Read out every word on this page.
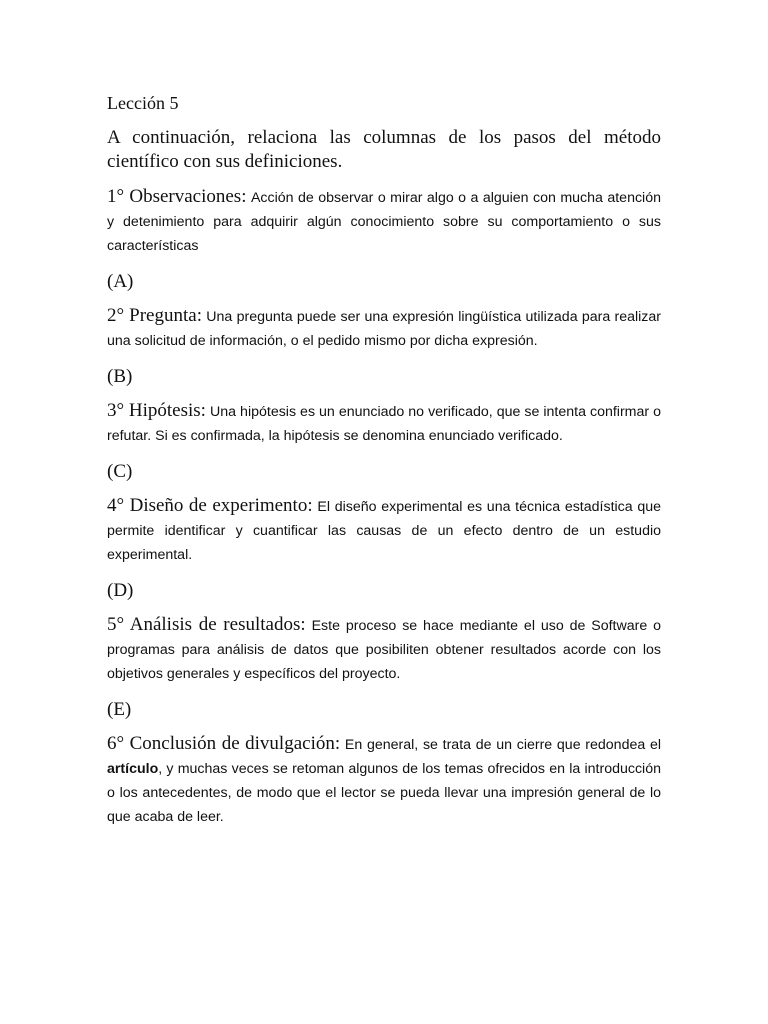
Lección 5

A continuación, relaciona las columnas de los pasos del método científico con sus definiciones.

1° Observaciones: Acción de observar o mirar algo o a alguien con mucha atención y detenimiento para adquirir algún conocimiento sobre su comportamiento o sus características

(A)

2° Pregunta: Una pregunta puede ser una expresión lingüística utilizada para realizar una solicitud de información, o el pedido mismo por dicha expresión.

(B)

3° Hipótesis: Una hipótesis es un enunciado no verificado, que se intenta confirmar o refutar. Si es confirmada, la hipótesis se denomina enunciado verificado.

(C)

4° Diseño de experimento: El diseño experimental es una técnica estadística que permite identificar y cuantificar las causas de un efecto dentro de un estudio experimental.

(D)

5° Análisis de resultados: Este proceso se hace mediante el uso de Software o programas para análisis de datos que posibiliten obtener resultados acorde con los objetivos generales y específicos del proyecto.

(E)

6° Conclusión de divulgación: En general, se trata de un cierre que redondea el artículo, y muchas veces se retoman algunos de los temas ofrecidos en la introducción o los antecedentes, de modo que el lector se pueda llevar una impresión general de lo que acaba de leer.
